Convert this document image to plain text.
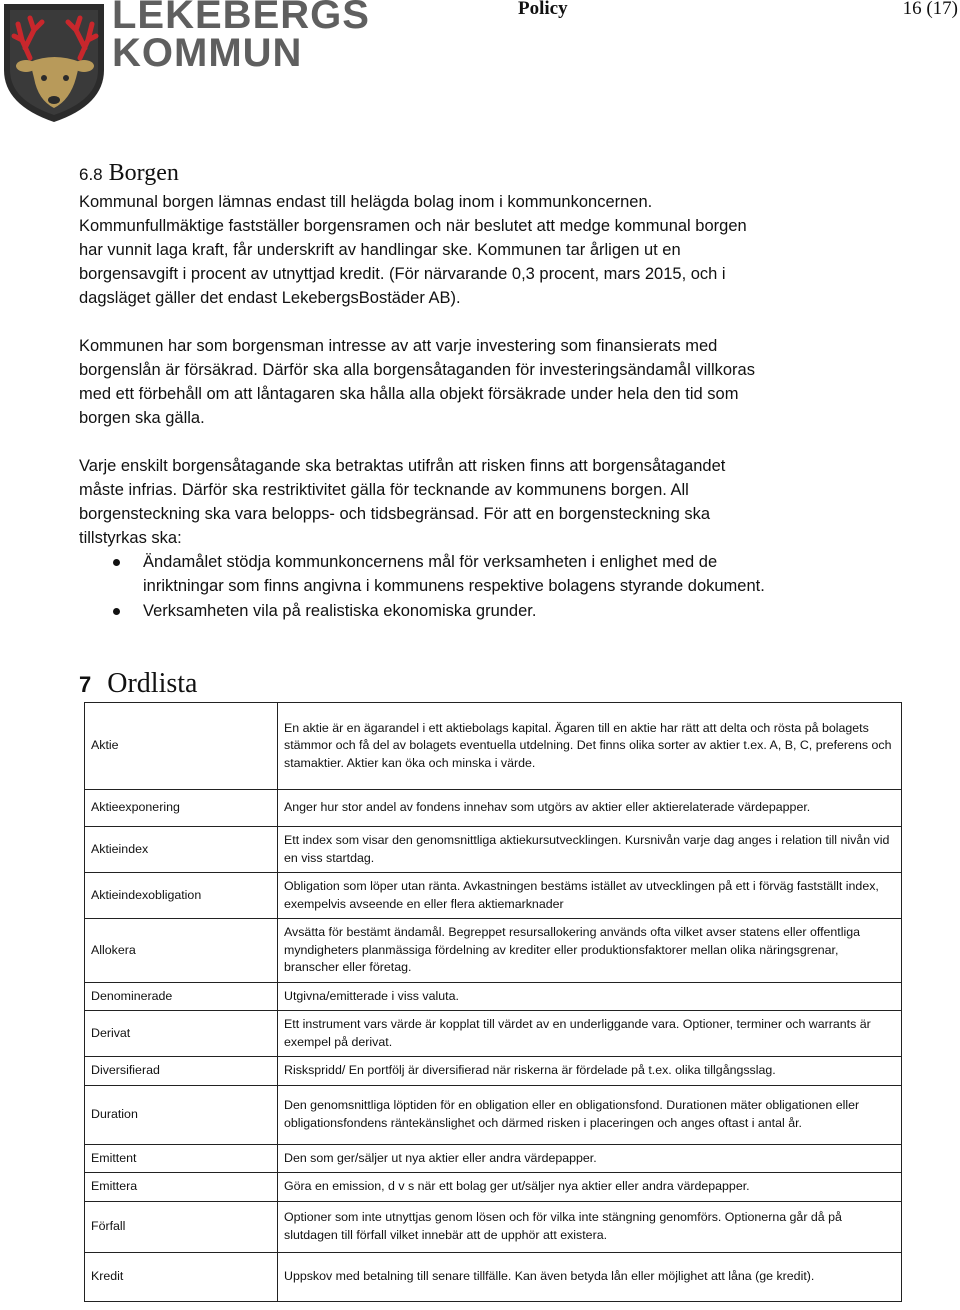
LEKEBERGS
KOMMUN
Policy	16 (17)
6.8 Borgen

Kommunal borgen lämnas endast till helägda bolag inom i kommunkoncernen. Kommunfullmäktige fastställer borgensramen och när beslutet att medge kommunal borgen har vunnit laga kraft, får underskrift av handlingar ske. Kommunen tar årligen ut en borgensavgift i procent av utnyttjad kredit. (För närvarande 0,3 procent, mars 2015, och i dagsläget gäller det endast LekebergsBostäder AB).

Kommunen har som borgensman intresse av att varje investering som finansierats med borgenslån är försäkrad. Därför ska alla borgensåtaganden för investeringsändamål villkoras med ett förbehåll om att låntagaren ska hålla alla objekt försäkrade under hela den tid som borgen ska gälla.

Varje enskilt borgensåtagande ska betraktas utifrån att risken finns att borgensåtagandet måste infrias. Därför ska restriktivitet gälla för tecknande av kommunens borgen. All borgensteckning ska vara belopps- och tidsbegränsad. För att en borgensteckning ska tillstyrkas ska:

Ändamålet stödja kommunkoncernens mål för verksamheten i enlighet med de inriktningar som finns angivna i kommunens respektive bolagens styrande dokument.
Verksamheten vila på realistiska ekonomiska grunder.
7 Ordlista
Aktie	En aktie är en ägarandel i ett aktiebolags kapital. Ägaren till en aktie har rätt att delta och rösta på bolagets stämmor och få del av bolagets eventuella utdelning. Det finns olika sorter av aktier t.ex. A, B, C, preferens och stamaktier. Aktier kan öka och minska i värde.
Aktieexponering	Anger hur stor andel av fondens innehav som utgörs av aktier eller aktierelaterade värdepapper.
Aktieindex	Ett index som visar den genomsnittliga aktiekursutvecklingen. Kursnivån varje dag anges i relation till nivån vid en viss startdag.
Aktieindexobligation	Obligation som löper utan ränta. Avkastningen bestäms istället av utvecklingen på ett i förväg fastställt index, exempelvis avseende en eller flera aktiemarknader
Allokera	Avsätta för bestämt ändamål. Begreppet resursallokering används ofta vilket avser statens eller offentliga myndigheters planmässiga fördelning av krediter eller produktionsfaktorer mellan olika näringsgrenar, branscher eller företag.
Denominerade	Utgivna/emitterade i viss valuta.
Derivat	Ett instrument vars värde är kopplat till värdet av en underliggande vara. Optioner, terminer och warrants är exempel på derivat.
Diversifierad	Riskspridd/ En portfölj är diversifierad när riskerna är fördelade på t.ex. olika tillgångsslag.
Duration	Den genomsnittliga löptiden för en obligation eller en obligationsfond. Durationen mäter obligationen eller obligationsfondens räntekänslighet och därmed risken i placeringen och anges oftast i antal år.
Emittent	Den som ger/säljer ut nya aktier eller andra värdepapper.
Emittera	Göra en emission, d v s när ett bolag ger ut/säljer nya aktier eller andra värdepapper.
Förfall	Optioner som inte utnyttjas genom lösen och för vilka inte stängning genomförs. Optionerna går då på slutdagen till förfall vilket innebär att de upphör att existera.
Kredit	Uppskov med betalning till senare tillfälle. Kan även betyda lån eller möjlighet att låna (ge kredit).
